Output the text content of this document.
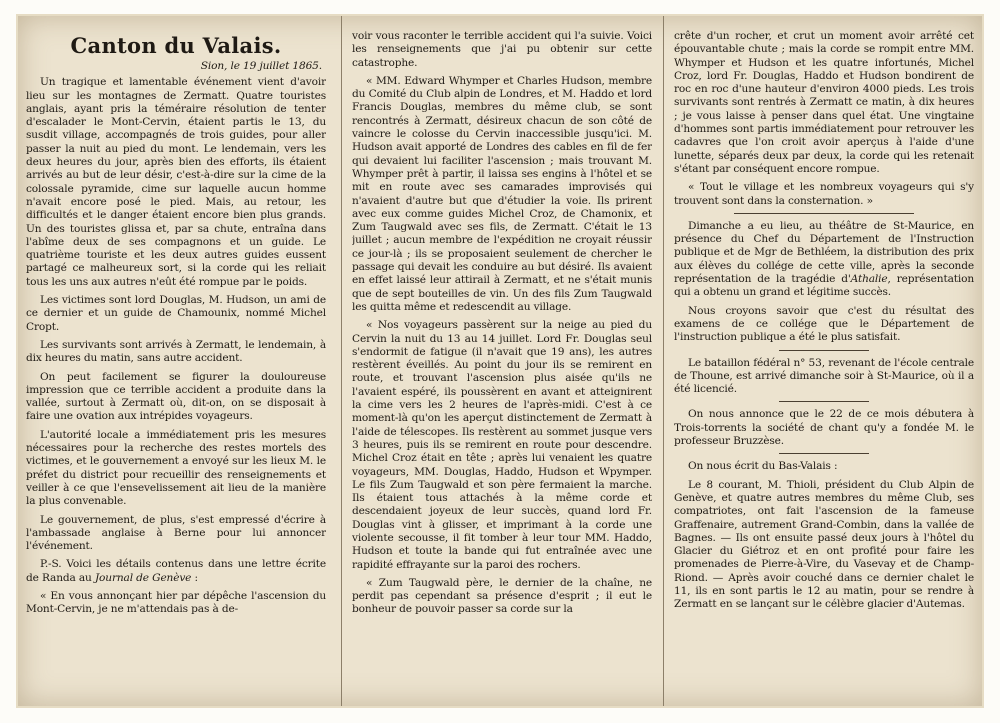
Canton du Valais.
Sion, le 19 juillet 1865.

Un tragique et lamentable événement vient d'avoir lieu sur les montagnes de Zermatt. Quatre touristes anglais, ayant pris la téméraire résolution de tenter d'escalader le Mont-Cervin, étaient partis le 13, du susdit village, accompagnés de trois guides, pour aller passer la nuit au pied du mont. Le lendemain, vers les deux heures du jour, après bien des efforts, ils étaient arrivés au but de leur désir, c'est-à-dire sur la cime de la colossale pyramide, cime sur laquelle aucun homme n'avait encore posé le pied. Mais, au retour, les difficultés et le danger étaient encore bien plus grands. Un des touristes glissa et, par sa chute, entraîna dans l'abîme deux de ses compagnons et un guide. Le quatrième touriste et les deux autres guides eussent partagé ce malheureux sort, si la corde qui les reliait tous les uns aux autres n'eût été rompue par le poids.

Les victimes sont lord Douglas, M. Hudson, un ami de ce dernier et un guide de Chamounix, nommé Michel Cropt.

Les survivants sont arrivés à Zermatt, le lendemain, à dix heures du matin, sans autre accident.

On peut facilement se figurer la douloureuse impression que ce terrible accident a produite dans la vallée, surtout à Zermatt où, dit-on, on se disposait à faire une ovation aux intrépides voyageurs.

L'autorité locale a immédiatement pris les mesures nécessaires pour la recherche des restes mortels des victimes, et le gouvernement a envoyé sur les lieux M. le préfet du district pour recueillir des renseignements et veiller à ce que l'ensevelissement ait lieu de la manière la plus convenable.

Le gouvernement, de plus, s'est empressé d'écrire à l'ambassade anglaise à Berne pour lui annoncer l'événement.

P.-S. Voici les détails contenus dans une lettre écrite de Randa au Journal de Genève :

« En vous annonçant hier par dépêche l'ascension du Mont-Cervin, je ne m'attendais pas à de-

voir vous raconter le terrible accident qui l'a suivie. Voici les renseignements que j'ai pu obtenir sur cette catastrophe.

« MM. Edward Whymper et Charles Hudson, membre du Comité du Club alpin de Londres, et M. Haddo et lord Francis Douglas, membres du même club, se sont rencontrés à Zermatt, désireux chacun de son côté de vaincre le colosse du Cervin inaccessible jusqu'ici. M. Hudson avait apporté de Londres des cables en fil de fer qui devaient lui faciliter l'ascension ; mais trouvant M. Whymper prêt à partir, il laissa ses engins à l'hôtel et se mit en route avec ses camarades improvisés qui n'avaient d'autre but que d'étudier la voie. Ils prirent avec eux comme guides Michel Croz, de Chamonix, et Zum Taugwald avec ses fils, de Zermatt. C'était le 13 juillet ; aucun membre de l'expédition ne croyait réussir ce jour-là ; ils se proposaient seulement de chercher le passage qui devait les conduire au but désiré. Ils avaient en effet laissé leur attirail à Zermatt, et ne s'était munis que de sept bouteilles de vin. Un des fils Zum Taugwald les quitta même et redescendit au village.

« Nos voyageurs passèrent sur la neige au pied du Cervin la nuit du 13 au 14 juillet. Lord Fr. Douglas seul s'endormit de fatigue (il n'avait que 19 ans), les autres restèrent éveillés. Au point du jour ils se remirent en route, et trouvant l'ascension plus aisée qu'ils ne l'avaient espéré, ils poussèrent en avant et atteignirent la cime vers les 2 heures de l'après-midi. C'est à ce moment-là qu'on les aperçut distinctement de Zermatt à l'aide de télescopes. Ils restèrent au sommet jusque vers 3 heures, puis ils se remirent en route pour descendre. Michel Croz était en tête ; après lui venaient les quatre voyageurs, MM. Douglas, Haddo, Hudson et Wpymper. Le fils Zum Taugwald et son père fermaient la marche. Ils étaient tous attachés à la même corde et descendaient joyeux de leur succès, quand lord Fr. Douglas vint à glisser, et imprimant à la corde une violente secousse, il fit tomber à leur tour MM. Haddo, Hudson et toute la bande qui fut entraînée avec une rapidité effrayante sur la paroi des rochers.

« Zum Taugwald père, le dernier de la chaîne, ne perdit pas cependant sa présence d'esprit ; il eut le bonheur de pouvoir passer sa corde sur la

crête d'un rocher, et crut un moment avoir arrêté cet épouvantable chute ; mais la corde se rompit entre MM. Whymper et Hudson et les quatre infortunés, Michel Croz, lord Fr. Douglas, Haddo et Hudson bondirent de roc en roc d'une hauteur d'environ 4000 pieds. Les trois survivants sont rentrés à Zermatt ce matin, à dix heures ; je vous laisse à penser dans quel état. Une vingtaine d'hommes sont partis immédiatement pour retrouver les cadavres que l'on croit avoir aperçus à l'aide d'une lunette, séparés deux par deux, la corde qui les retenait s'étant par conséquent encore rompue.

« Tout le village et les nombreux voyageurs qui s'y trouvent sont dans la consternation. »

Dimanche a eu lieu, au théâtre de St-Maurice, en présence du Chef du Département de l'Instruction publique et de Mgr de Bethléem, la distribution des prix aux élèves du collége de cette ville, après la seconde représentation de la tragédie d'Athalie, représentation qui a obtenu un grand et légitime succès.

Nous croyons savoir que c'est du résultat des examens de ce collége que le Département de l'instruction publique a été le plus satisfait.

Le bataillon fédéral n° 53, revenant de l'école centrale de Thoune, est arrivé dimanche soir à St-Maurice, où il a été licencié.

On nous annonce que le 22 de ce mois débutera à Trois-torrents la société de chant qu'y a fondée M. le professeur Bruzzèse.

On nous écrit du Bas-Valais :

Le 8 courant, M. Thioli, président du Club Alpin de Genève, et quatre autres membres du même Club, ses compatriotes, ont fait l'ascension de la fameuse Graffenaire, autrement Grand-Combin, dans la vallée de Bagnes. — Ils ont ensuite passé deux jours à l'hôtel du Glacier du Giétroz et en ont profité pour faire les promenades de Pierre-à-Vire, du Vasevay et de Champ-Riond. — Après avoir couché dans ce dernier chalet le 11, ils en sont partis le 12 au matin, pour se rendre à Zermatt en se lançant sur le célèbre glacier d'Autemas.
